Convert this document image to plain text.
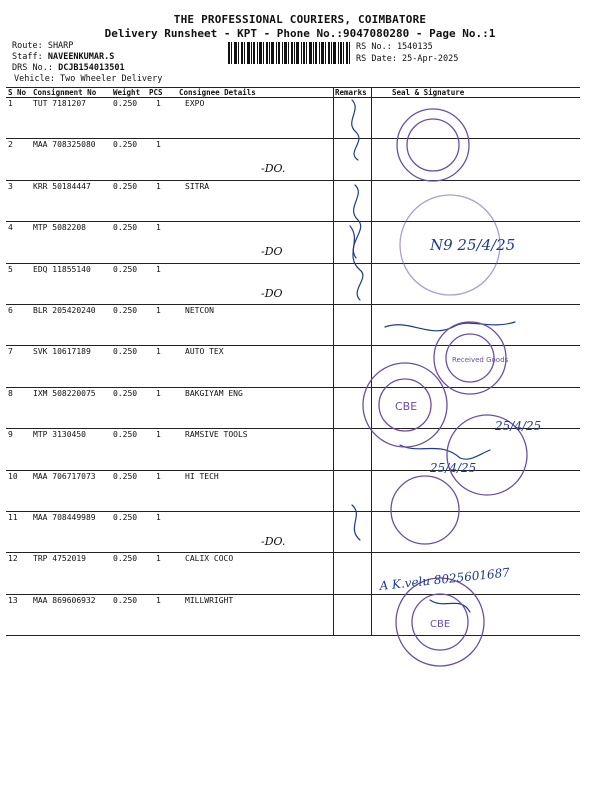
THE PROFESSIONAL COURIERS, COIMBATORE
Delivery Runsheet - KPT - Phone No.:9047080280 - Page No.:1
Route: SHARP
Staff: NAVEENKUMAR.S
DRS No.: DCJB154013501
Vehicle: Two Wheeler Delivery
RS No.: 1540135
RS Date: 25-Apr-2025
S No Consignment No Weight PCS Consignee Details	Remarks	Seal & Signature
1	TUT 7181207	0.250 1	EXPO
2	MAA 708325080 0.250 1
-DO.
3	KRR 50184447	0.250 1	SITRA
4	MTP 5082208	0.250 1
-DO
5	EDQ 11855140	0.250 1
-DO
6	BLR 205420240 0.250 1	NETCON
7	SVK 10617189	0.250 1	AUTO TEX
8	IXM 508220075 0.250 1	BAKGIYAM ENG
9	MTP 3130450	0.250 1	RAMSIVE TOOLS
10 MAA 706717073 0.250 1	HI TECH
11 MAA 708449989 0.250 1
-DO.
12 TRP 4752019	0.250 1	CALIX COCO
13 MAA 869606932 0.250 1	MILLWRIGHT
N9 25/4/25
25/4/25
25/4/25
A K.velu 8025601687
CBE
CBE
Received Goods
